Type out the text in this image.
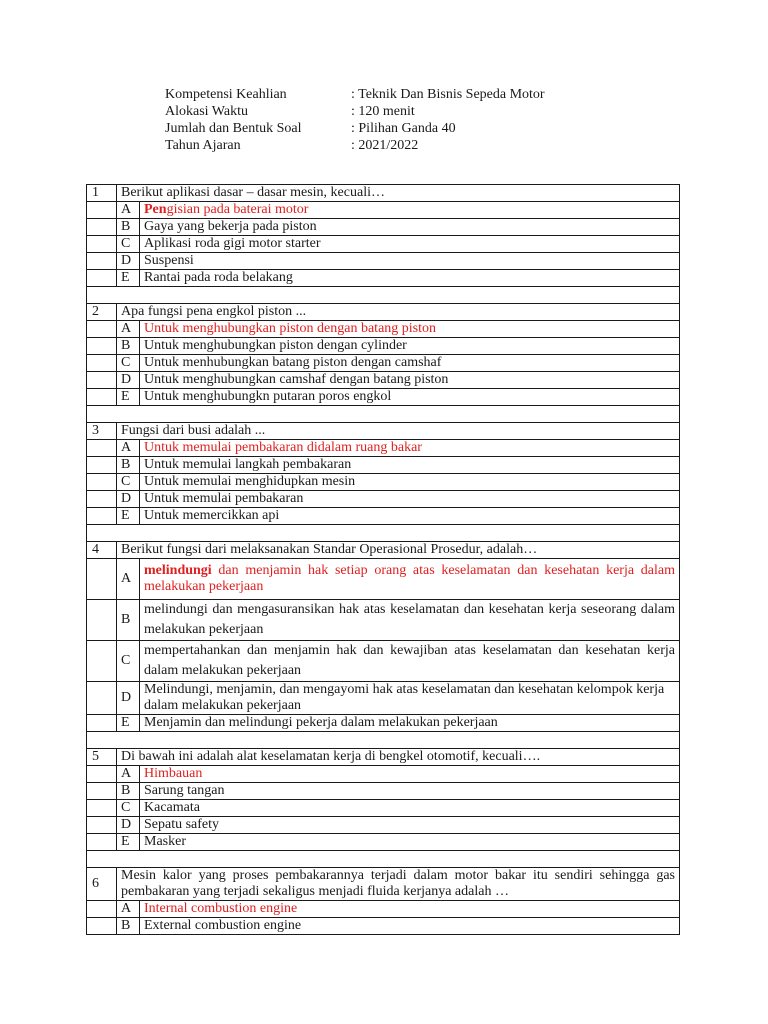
Kompetensi Keahlian	: Teknik Dan Bisnis Sepeda Motor
Alokasi Waktu	: 120 menit
Jumlah dan Bentuk Soal	: Pilihan Ganda 40
Tahun Ajaran	: 2021/2022
1	Berikut aplikasi dasar – dasar mesin, kecuali…	
	A	Pengisian pada baterai motor
	B	Gaya yang bekerja pada piston
	C	Aplikasi roda gigi motor starter
	D	Suspensi
	E	Rantai pada roda belakang

2	Apa fungsi pena engkol piston ...	
	A	Untuk menghubungkan piston dengan batang piston
	B	Untuk menghubungkan piston dengan cylinder
	C	Untuk menhubungkan batang piston dengan camshaf
	D	Untuk menghubungkan camshaf dengan batang piston
	E	Untuk menghubungkn putaran poros engkol

3	Fungsi dari busi adalah ...	
	A	Untuk memulai pembakaran didalam ruang bakar
	B	Untuk memulai langkah pembakaran
	C	Untuk memulai menghidupkan mesin
	D	Untuk memulai pembakaran
	E	Untuk memercikkan api

4	Berikut fungsi dari melaksanakan Standar Operasional Prosedur, adalah…	
	A	melindungi dan menjamin hak setiap orang atas keselamatan dan kesehatan kerja dalam melakukan pekerjaan
	B	melindungi dan mengasuransikan hak atas keselamatan dan kesehatan kerja seseorang dalam melakukan pekerjaan
	C	mempertahankan dan menjamin hak dan kewajiban atas keselamatan dan kesehatan kerja dalam melakukan pekerjaan
	D	Melindungi, menjamin, dan mengayomi hak atas keselamatan dan kesehatan kelompok kerja dalam melakukan pekerjaan
	E	Menjamin dan melindungi pekerja dalam melakukan pekerjaan

5	Di bawah ini adalah alat keselamatan kerja di bengkel otomotif, kecuali….	
	A	Himbauan
	B	Sarung tangan
	C	Kacamata
	D	Sepatu safety
	E	Masker

6	Mesin kalor yang proses pembakarannya terjadi dalam motor bakar itu sendiri sehingga gas pembakaran yang terjadi sekaligus menjadi fluida kerjanya adalah …	
	A	Internal combustion engine
	B	External combustion engine
